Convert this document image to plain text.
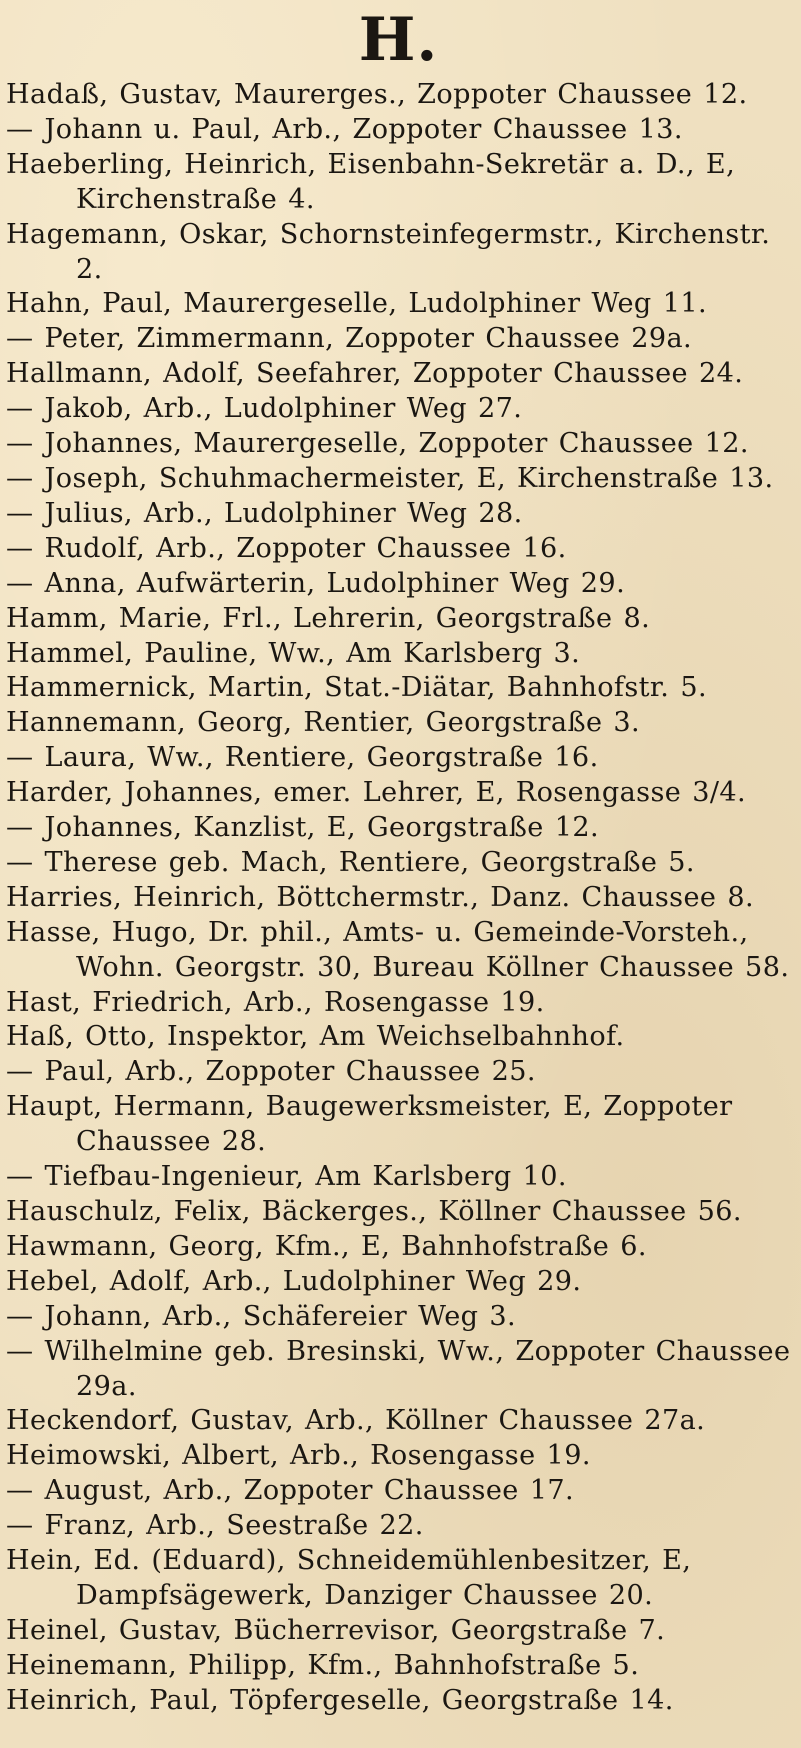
H.
Hadaß, Gustav, Maurerges., Zoppoter Chaussee 12.
— Johann u. Paul, Arb., Zoppoter Chaussee 13.
Haeberling, Heinrich, Eisenbahn-Sekretär a. D., E, Kirchenstraße 4.
Hagemann, Oskar, Schornsteinfegermstr., Kirchenstr. 2.
Hahn, Paul, Maurergeselle, Ludolphiner Weg 11.
— Peter, Zimmermann, Zoppoter Chaussee 29a.
Hallmann, Adolf, Seefahrer, Zoppoter Chaussee 24.
— Jakob, Arb., Ludolphiner Weg 27.
— Johannes, Maurergeselle, Zoppoter Chaussee 12.
— Joseph, Schuhmachermeister, E, Kirchenstraße 13.
— Julius, Arb., Ludolphiner Weg 28.
— Rudolf, Arb., Zoppoter Chaussee 16.
— Anna, Aufwärterin, Ludolphiner Weg 29.
Hamm, Marie, Frl., Lehrerin, Georgstraße 8.
Hammel, Pauline, Ww., Am Karlsberg 3.
Hammernick, Martin, Stat.-Diätar, Bahnhofstr. 5.
Hannemann, Georg, Rentier, Georgstraße 3.
— Laura, Ww., Rentiere, Georgstraße 16.
Harder, Johannes, emer. Lehrer, E, Rosengasse 3/4.
— Johannes, Kanzlist, E, Georgstraße 12.
— Therese geb. Mach, Rentiere, Georgstraße 5.
Harries, Heinrich, Böttchermstr., Danz. Chaussee 8.
Hasse, Hugo, Dr. phil., Amts- u. Gemeinde-Vorsteh., Wohn. Georgstr. 30, Bureau Köllner Chaussee 58.
Hast, Friedrich, Arb., Rosengasse 19.
Haß, Otto, Inspektor, Am Weichselbahnhof.
— Paul, Arb., Zoppoter Chaussee 25.
Haupt, Hermann, Baugewerksmeister, E, Zoppoter Chaussee 28.
— Tiefbau-Ingenieur, Am Karlsberg 10.
Hauschulz, Felix, Bäckerges., Köllner Chaussee 56.
Hawmann, Georg, Kfm., E, Bahnhofstraße 6.
Hebel, Adolf, Arb., Ludolphiner Weg 29.
— Johann, Arb., Schäfereier Weg 3.
— Wilhelmine geb. Bresinski, Ww., Zoppoter Chaussee 29a.
Heckendorf, Gustav, Arb., Köllner Chaussee 27a.
Heimowski, Albert, Arb., Rosengasse 19.
— August, Arb., Zoppoter Chaussee 17.
— Franz, Arb., Seestraße 22.
Hein, Ed. (Eduard), Schneidemühlenbesitzer, E, Dampfsägewerk, Danziger Chaussee 20.
Heinel, Gustav, Bücherrevisor, Georgstraße 7.
Heinemann, Philipp, Kfm., Bahnhofstraße 5.
Heinrich, Paul, Töpfergeselle, Georgstraße 14.
